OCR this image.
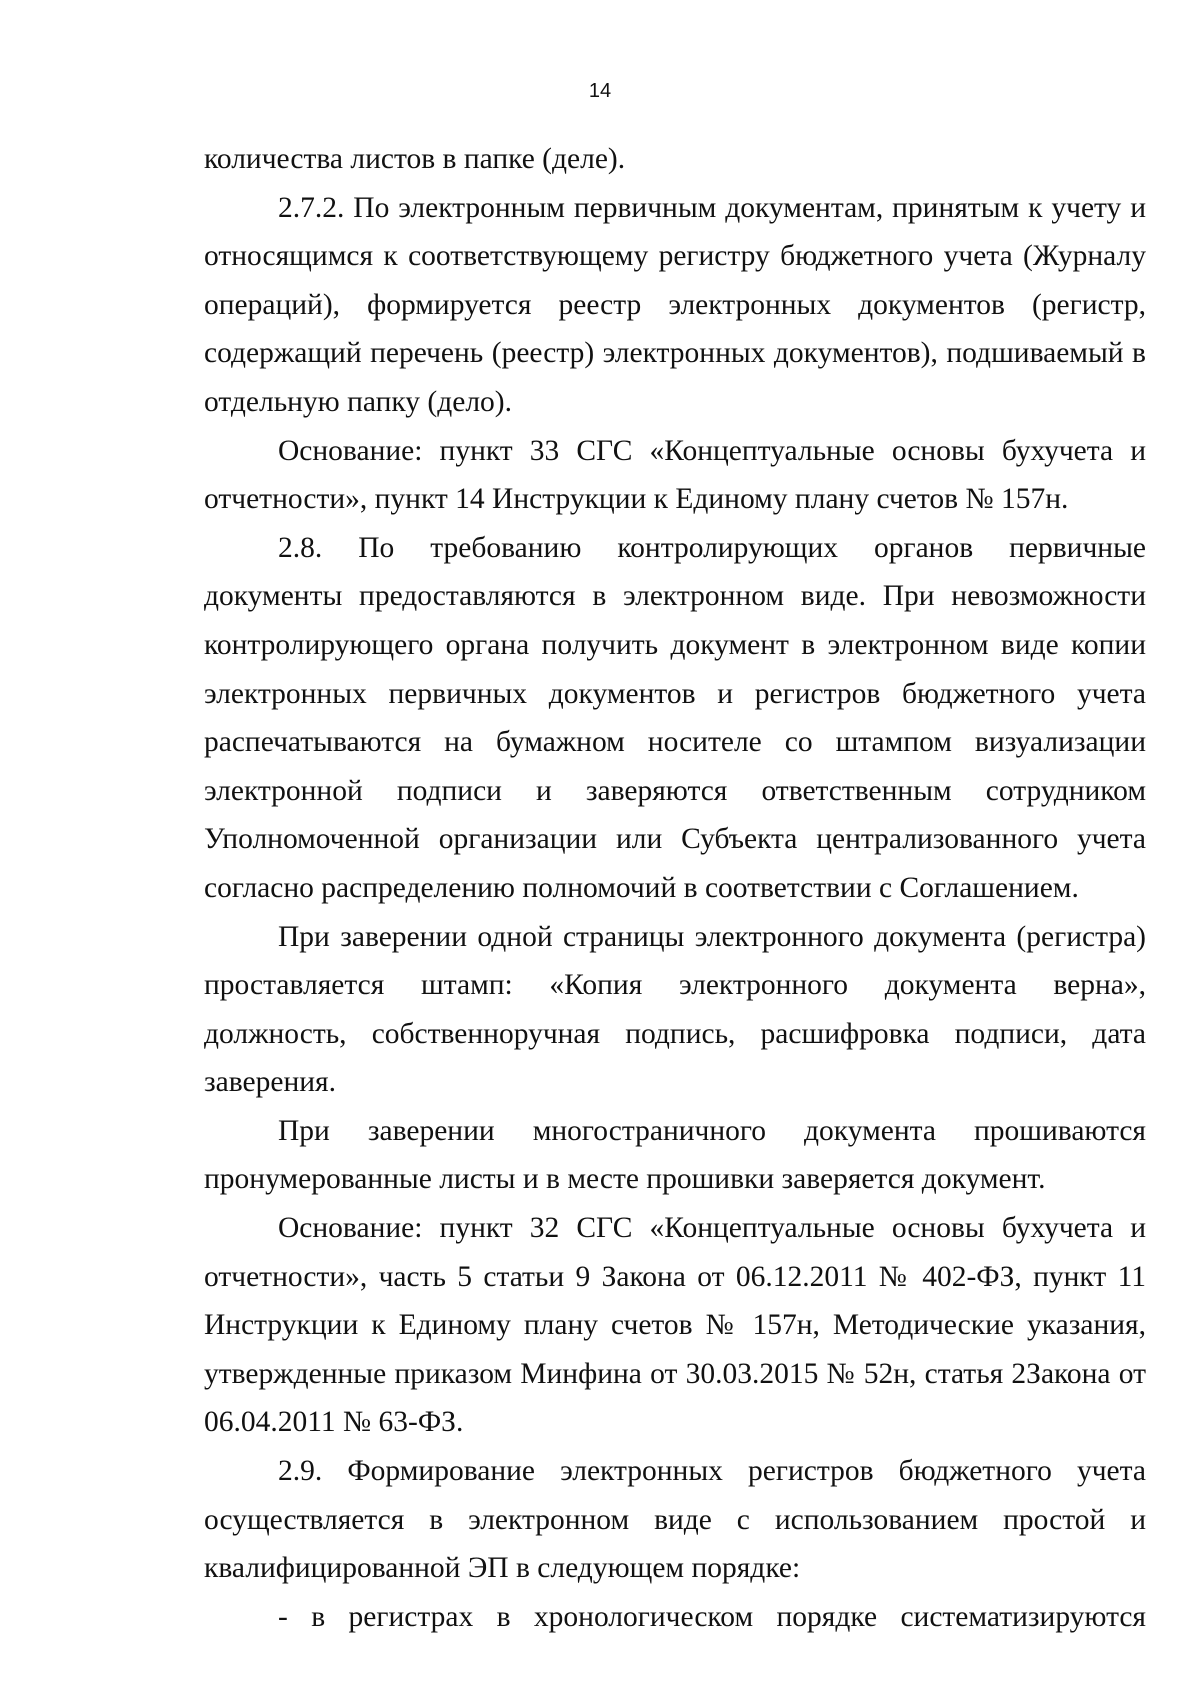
14

количества листов в папке (деле).

2.7.2. По электронным первичным документам, принятым к учету и относящимся к соответствующему регистру бюджетного учета (Журналу операций), формируется реестр электронных документов (регистр, содержащий перечень (реестр) электронных документов), подшиваемый в отдельную папку (дело).

Основание: пункт 33 СГС «Концептуальные основы бухучета и отчетности», пункт 14 Инструкции к Единому плану счетов № 157н.

2.8. По требованию контролирующих органов первичные документы предоставляются в электронном виде. При невозможности контролирующего органа получить документ в электронном виде копии электронных первичных документов и регистров бюджетного учета распечатываются на бумажном носителе со штампом визуализации электронной подписи и заверяются ответственным сотрудником Уполномоченной организации или Субъекта централизованного учета согласно распределению полномочий в соответствии с Соглашением.

При заверении одной страницы электронного документа (регистра) проставляется штамп: «Копия электронного документа верна», должность, собственноручная подпись, расшифровка подписи, дата заверения.

При заверении многостраничного документа прошиваются пронумерованные листы и в месте прошивки заверяется документ.

Основание: пункт 32 СГС «Концептуальные основы бухучета и отчетности», часть 5 статьи 9 Закона от 06.12.2011 № 402-ФЗ, пункт 11 Инструкции к Единому плану счетов № 157н, Методические указания, утвержденные приказом Минфина от 30.03.2015 № 52н, статья 2Закона от 06.04.2011 № 63-ФЗ.

2.9. Формирование электронных регистров бюджетного учета осуществляется в электронном виде с использованием простой и квалифицированной ЭП в следующем порядке:

- в регистрах в хронологическом порядке систематизируются
